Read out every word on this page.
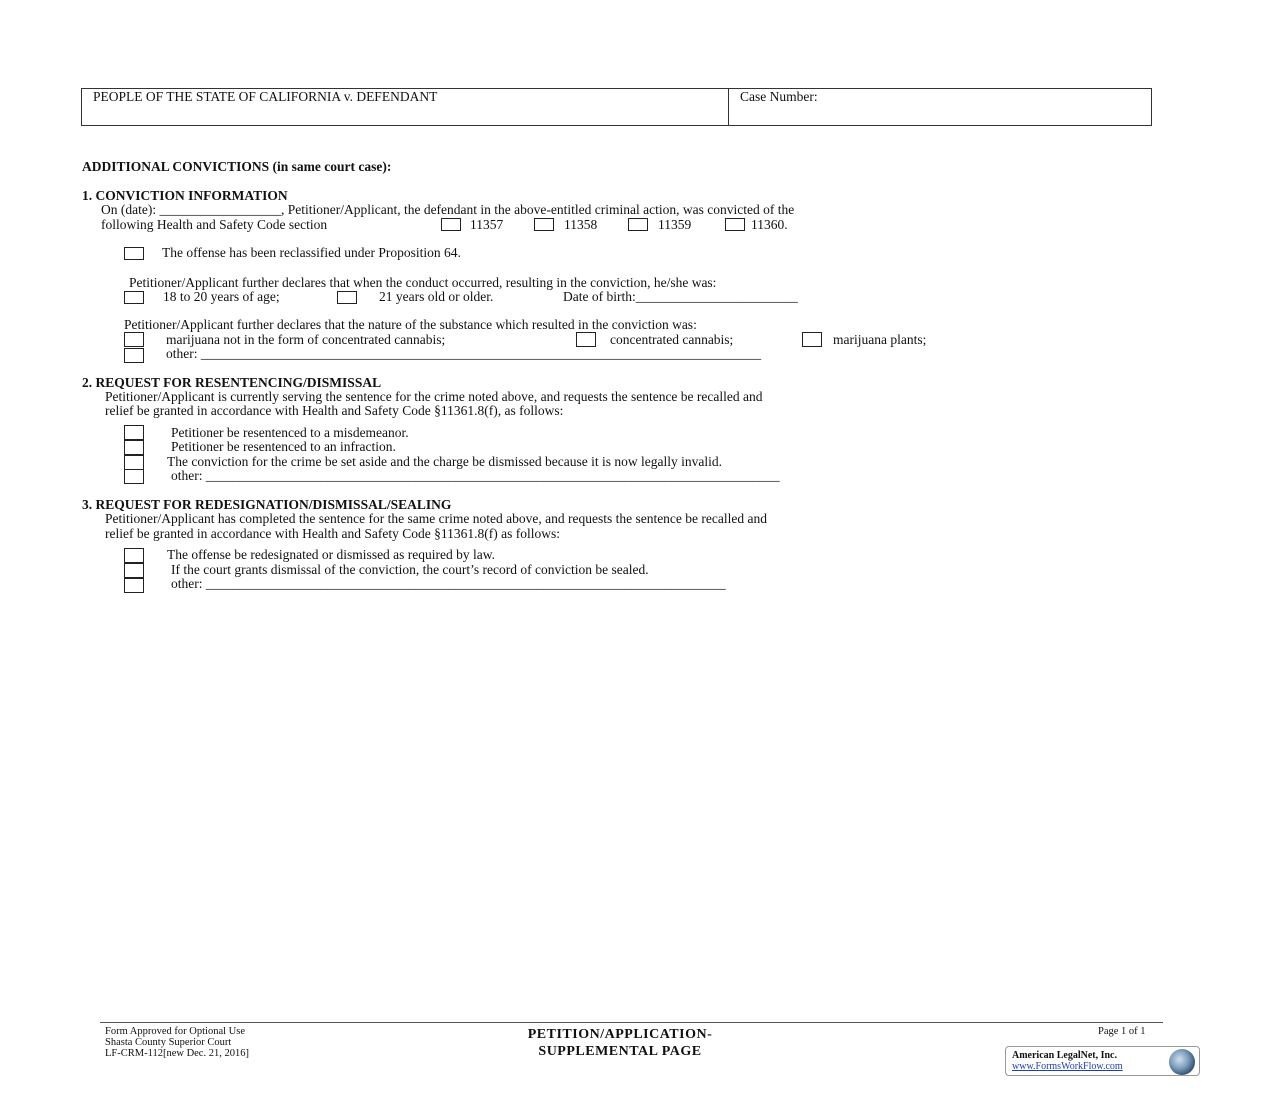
PEOPLE OF THE STATE OF CALIFORNIA v. DEFENDANT	Case Number:
ADDITIONAL CONVICTIONS (in same court case):
1. CONVICTION INFORMATION
On (date): __________________, Petitioner/Applicant, the defendant in the above-entitled criminal action, was convicted of the
following Health and Safety Code section	11357	11358	11359	11360.
The offense has been reclassified under Proposition 64.
Petitioner/Applicant further declares that when the conduct occurred, resulting in the conviction, he/she was:
18 to 20 years of age;	21 years old or older.	Date of birth:________________________
Petitioner/Applicant further declares that the nature of the substance which resulted in the conviction was:
marijuana not in the form of concentrated cannabis;	concentrated cannabis;	marijuana plants;
other: ___________________________________________________________________________________
2. REQUEST FOR RESENTENCING/DISMISSAL
Petitioner/Applicant is currently serving the sentence for the crime noted above, and requests the sentence be recalled and
relief be granted in accordance with Health and Safety Code §11361.8(f), as follows:
Petitioner be resentenced to a misdemeanor.
Petitioner be resentenced to an infraction.
The conviction for the crime be set aside and the charge be dismissed because it is now legally invalid.
other: _____________________________________________________________________________________
3. REQUEST FOR REDESIGNATION/DISMISSAL/SEALING
Petitioner/Applicant has completed the sentence for the same crime noted above, and requests the sentence be recalled and
relief be granted in accordance with Health and Safety Code §11361.8(f) as follows:
The offense be redesignated or dismissed as required by law.
If the court grants dismissal of the conviction, the court’s record of conviction be sealed.
other: _____________________________________________________________________________
Form Approved for Optional Use
Shasta County Superior Court
LF-CRM-112[new Dec. 21, 2016]
PETITION/APPLICATION-
SUPPLEMENTAL PAGE
Page 1 of 1
American LegalNet, Inc.
www.FormsWorkFlow.com
